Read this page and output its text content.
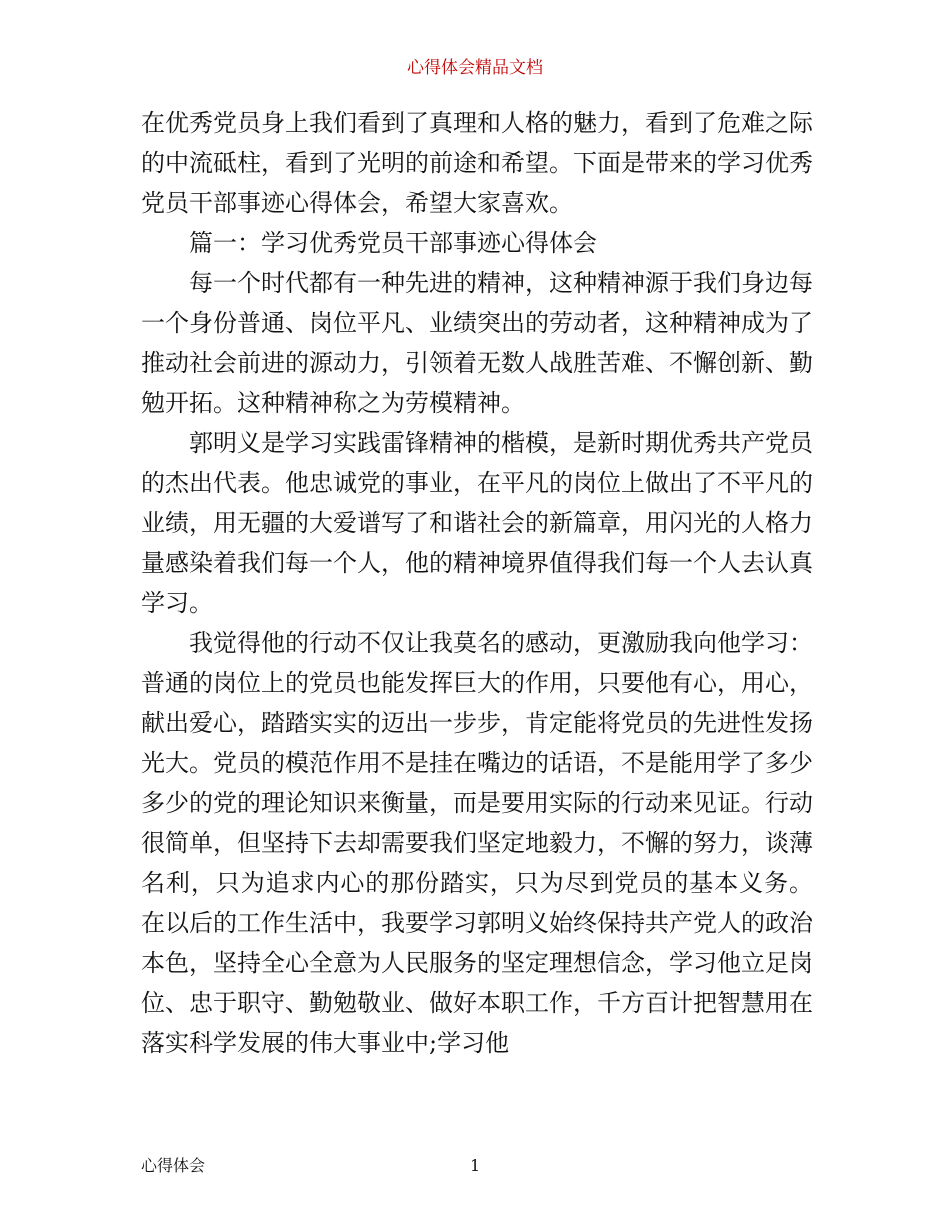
心得体会精品文档

在优秀党员身上我们看到了真理和人格的魅力，看到了危难之际的中流砥柱，看到了光明的前途和希望。下面是带来的学习优秀党员干部事迹心得体会，希望大家喜欢。

篇一：学习优秀党员干部事迹心得体会

每一个时代都有一种先进的精神，这种精神源于我们身边每一个身份普通、岗位平凡、业绩突出的劳动者，这种精神成为了推动社会前进的源动力，引领着无数人战胜苦难、不懈创新、勤勉开拓。这种精神称之为劳模精神。

郭明义是学习实践雷锋精神的楷模，是新时期优秀共产党员的杰出代表。他忠诚党的事业，在平凡的岗位上做出了不平凡的业绩，用无疆的大爱谱写了和谐社会的新篇章，用闪光的人格力量感染着我们每一个人，他的精神境界值得我们每一个人去认真学习。

我觉得他的行动不仅让我莫名的感动，更激励我向他学习：普通的岗位上的党员也能发挥巨大的作用，只要他有心，用心，献出爱心，踏踏实实的迈出一步步，肯定能将党员的先进性发扬光大。党员的模范作用不是挂在嘴边的话语，不是能用学了多少多少的党的理论知识来衡量，而是要用实际的行动来见证。行动很简单，但坚持下去却需要我们坚定地毅力，不懈的努力，谈薄名利，只为追求内心的那份踏实，只为尽到党员的基本义务。 在以后的工作生活中，我要学习郭明义始终保持共产党人的政治本色，坚持全心全意为人民服务的坚定理想信念，学习他立足岗位、忠于职守、勤勉敬业、做好本职工作，千方百计把智慧用在落实科学发展的伟大事业中;学习他

心得体会	1
